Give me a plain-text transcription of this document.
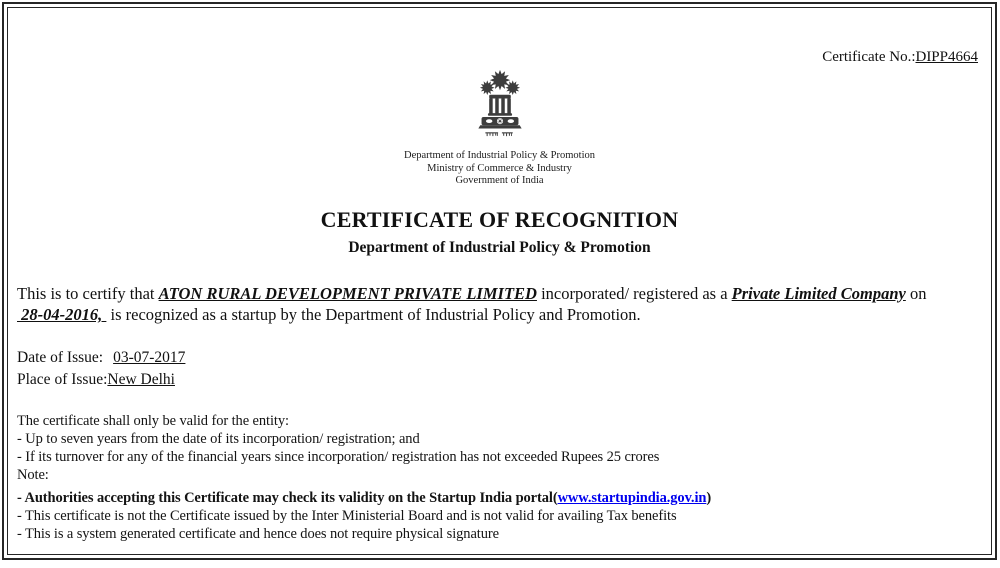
Certificate No.:DIPP4664
Department of Industrial Policy & Promotion
Ministry of Commerce & Industry
Government of India
CERTIFICATE OF RECOGNITION
Department of Industrial Policy & Promotion
This is to certify that ATON RURAL DEVELOPMENT PRIVATE LIMITED incorporated/ registered as a Private Limited Company on  28-04-2016,  is recognized as a startup by the Department of Industrial Policy and Promotion.
Date of Issue: 03-07-2017
Place of Issue:New Delhi
The certificate shall only be valid for the entity:
- Up to seven years from the date of its incorporation/ registration; and
- If its turnover for any of the financial years since incorporation/ registration has not exceeded Rupees 25 crores
Note:
- Authorities accepting this Certificate may check its validity on the Startup India portal(www.startupindia.gov.in)
- This certificate is not the Certificate issued by the Inter Ministerial Board and is not valid for availing Tax benefits
- This is a system generated certificate and hence does not require physical signature
